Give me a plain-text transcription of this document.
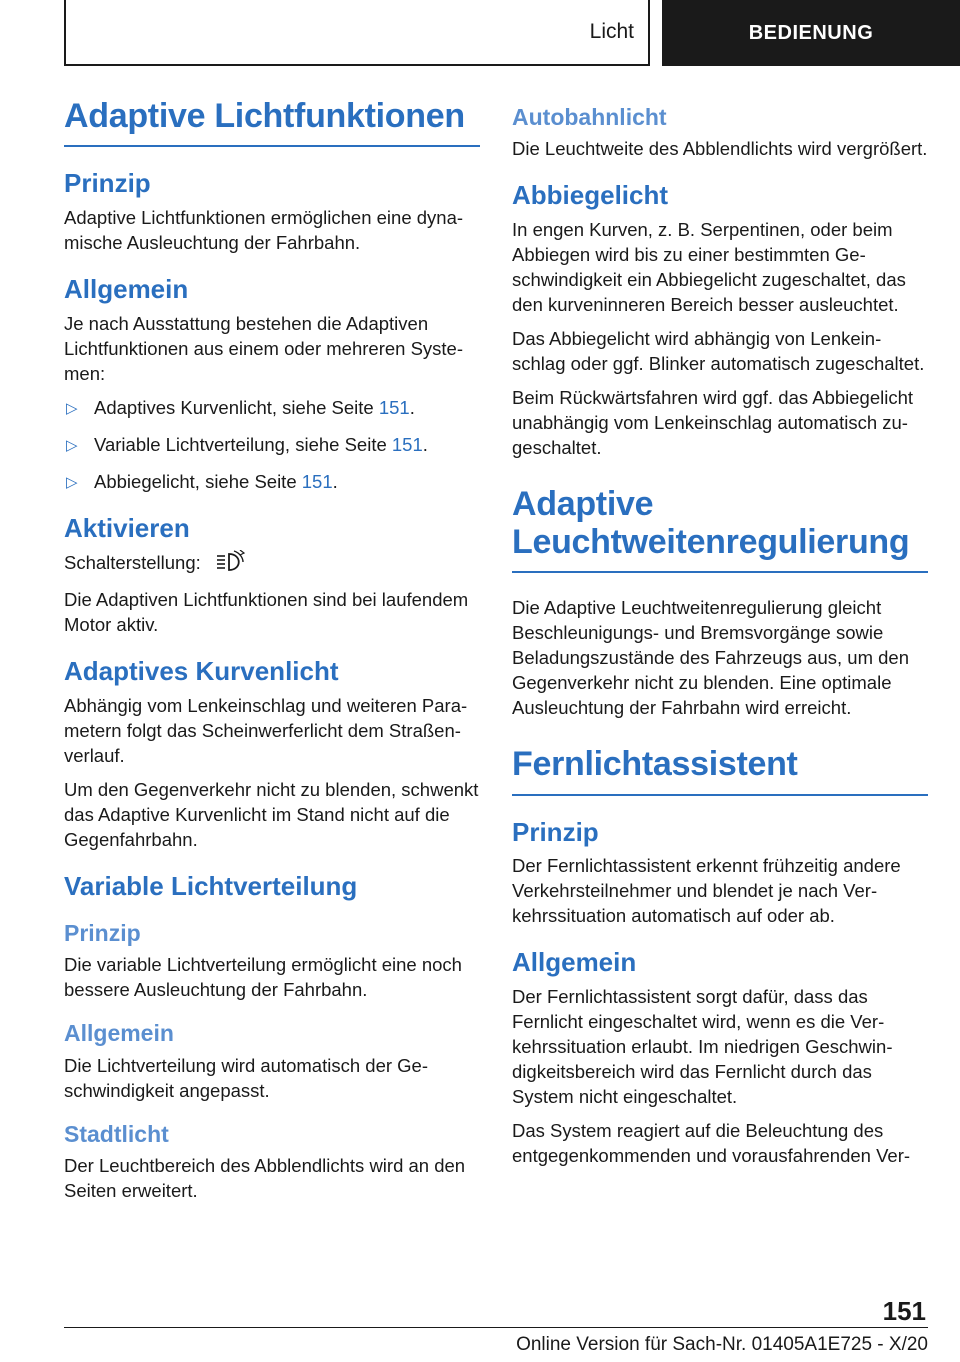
Licht	BEDIENUNG
Adaptive Lichtfunktionen
Prinzip

Adaptive Lichtfunktionen ermöglichen eine dynamische Ausleuchtung der Fahrbahn.

Allgemein

Je nach Ausstattung bestehen die Adaptiven Lichtfunktionen aus einem oder mehreren Systemen:

▷ Adaptives Kurvenlicht, siehe Seite 151.
▷ Variable Lichtverteilung, siehe Seite 151.
▷ Abbiegelicht, siehe Seite 151.
Aktivieren

Schalterstellung:

Die Adaptiven Lichtfunktionen sind bei laufendem Motor aktiv.

Adaptives Kurvenlicht

Abhängig vom Lenkeinschlag und weiteren Parametern folgt das Scheinwerferlicht dem Straßenverlauf.

Um den Gegenverkehr nicht zu blenden, schwenkt das Adaptive Kurvenlicht im Stand nicht auf die Gegenfahrbahn.

Variable Lichtverteilung
Prinzip

Die variable Lichtverteilung ermöglicht eine noch bessere Ausleuchtung der Fahrbahn.

Allgemein

Die Lichtverteilung wird automatisch der Geschwindigkeit angepasst.

Stadtlicht

Der Leuchtbereich des Abblendlichts wird an den Seiten erweitert.

Autobahnlicht

Die Leuchtweite des Abblendlichts wird vergrößert.

Abbiegelicht

In engen Kurven, z. B. Serpentinen, oder beim Abbiegen wird bis zu einer bestimmten Geschwindigkeit ein Abbiegelicht zugeschaltet, das den kurveninneren Bereich besser ausleuchtet.

Das Abbiegelicht wird abhängig von Lenkeinschlag oder ggf. Blinker automatisch zugeschaltet.

Beim Rückwärtsfahren wird ggf. das Abbiegelicht unabhängig vom Lenkeinschlag automatisch zugeschaltet.

Adaptive
Leuchtweitenregulierung

Die Adaptive Leuchtweitenregulierung gleicht Beschleunigungs- und Bremsvorgänge sowie Beladungszustände des Fahrzeugs aus, um den Gegenverkehr nicht zu blenden. Eine optimale Ausleuchtung der Fahrbahn wird erreicht.

Fernlichtassistent
Prinzip

Der Fernlichtassistent erkennt frühzeitig andere Verkehrsteilnehmer und blendet je nach Verkehrssituation automatisch auf oder ab.

Allgemein

Der Fernlichtassistent sorgt dafür, dass das Fernlicht eingeschaltet wird, wenn es die Verkehrssituation erlaubt. Im niedrigen Geschwindigkeitsbereich wird das Fernlicht durch das System nicht eingeschaltet.

Das System reagiert auf die Beleuchtung des entgegenkommenden und vorausfahrenden Ver-

151
Online Version für Sach-Nr. 01405A1E725 - X/20
